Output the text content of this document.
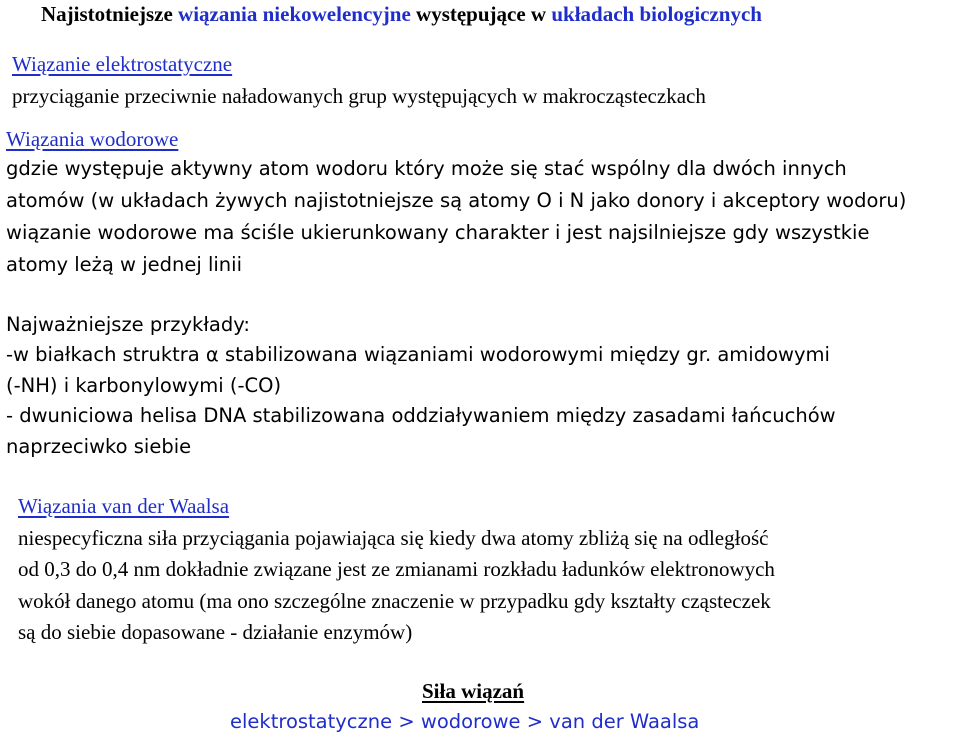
Najistotniejsze wiązania niekowelencyjne występujące w układach biologicznych
Wiązanie elektrostatyczne
przyciąganie przeciwnie naładowanych grup występujących w makrocząsteczkach
Wiązania wodorowe
gdzie występuje aktywny atom wodoru który może się stać wspólny dla dwóch innych
atomów (w układach żywych najistotniejsze są atomy O i N jako donory i akceptory wodoru)
wiązanie wodorowe ma ściśle ukierunkowany charakter i jest najsilniejsze gdy wszystkie
atomy leżą w jednej linii
Najważniejsze przykłady:
-w białkach struktra α stabilizowana wiązaniami wodorowymi między gr. amidowymi
(-NH) i karbonylowymi (-CO)
- dwuniciowa helisa DNA stabilizowana oddziaływaniem między zasadami łańcuchów
naprzeciwko siebie
Wiązania van der Waalsa
niespecyficzna siła przyciągania pojawiająca się kiedy dwa atomy zbliżą się na odległość
od 0,3 do 0,4 nm dokładnie związane jest ze zmianami rozkładu ładunków elektronowych
wokół danego atomu (ma ono szczególne znaczenie w przypadku gdy kształty cząsteczek
są do siebie dopasowane - działanie enzymów)
Siła wiązań
elektrostatyczne > wodorowe > van der Waalsa
